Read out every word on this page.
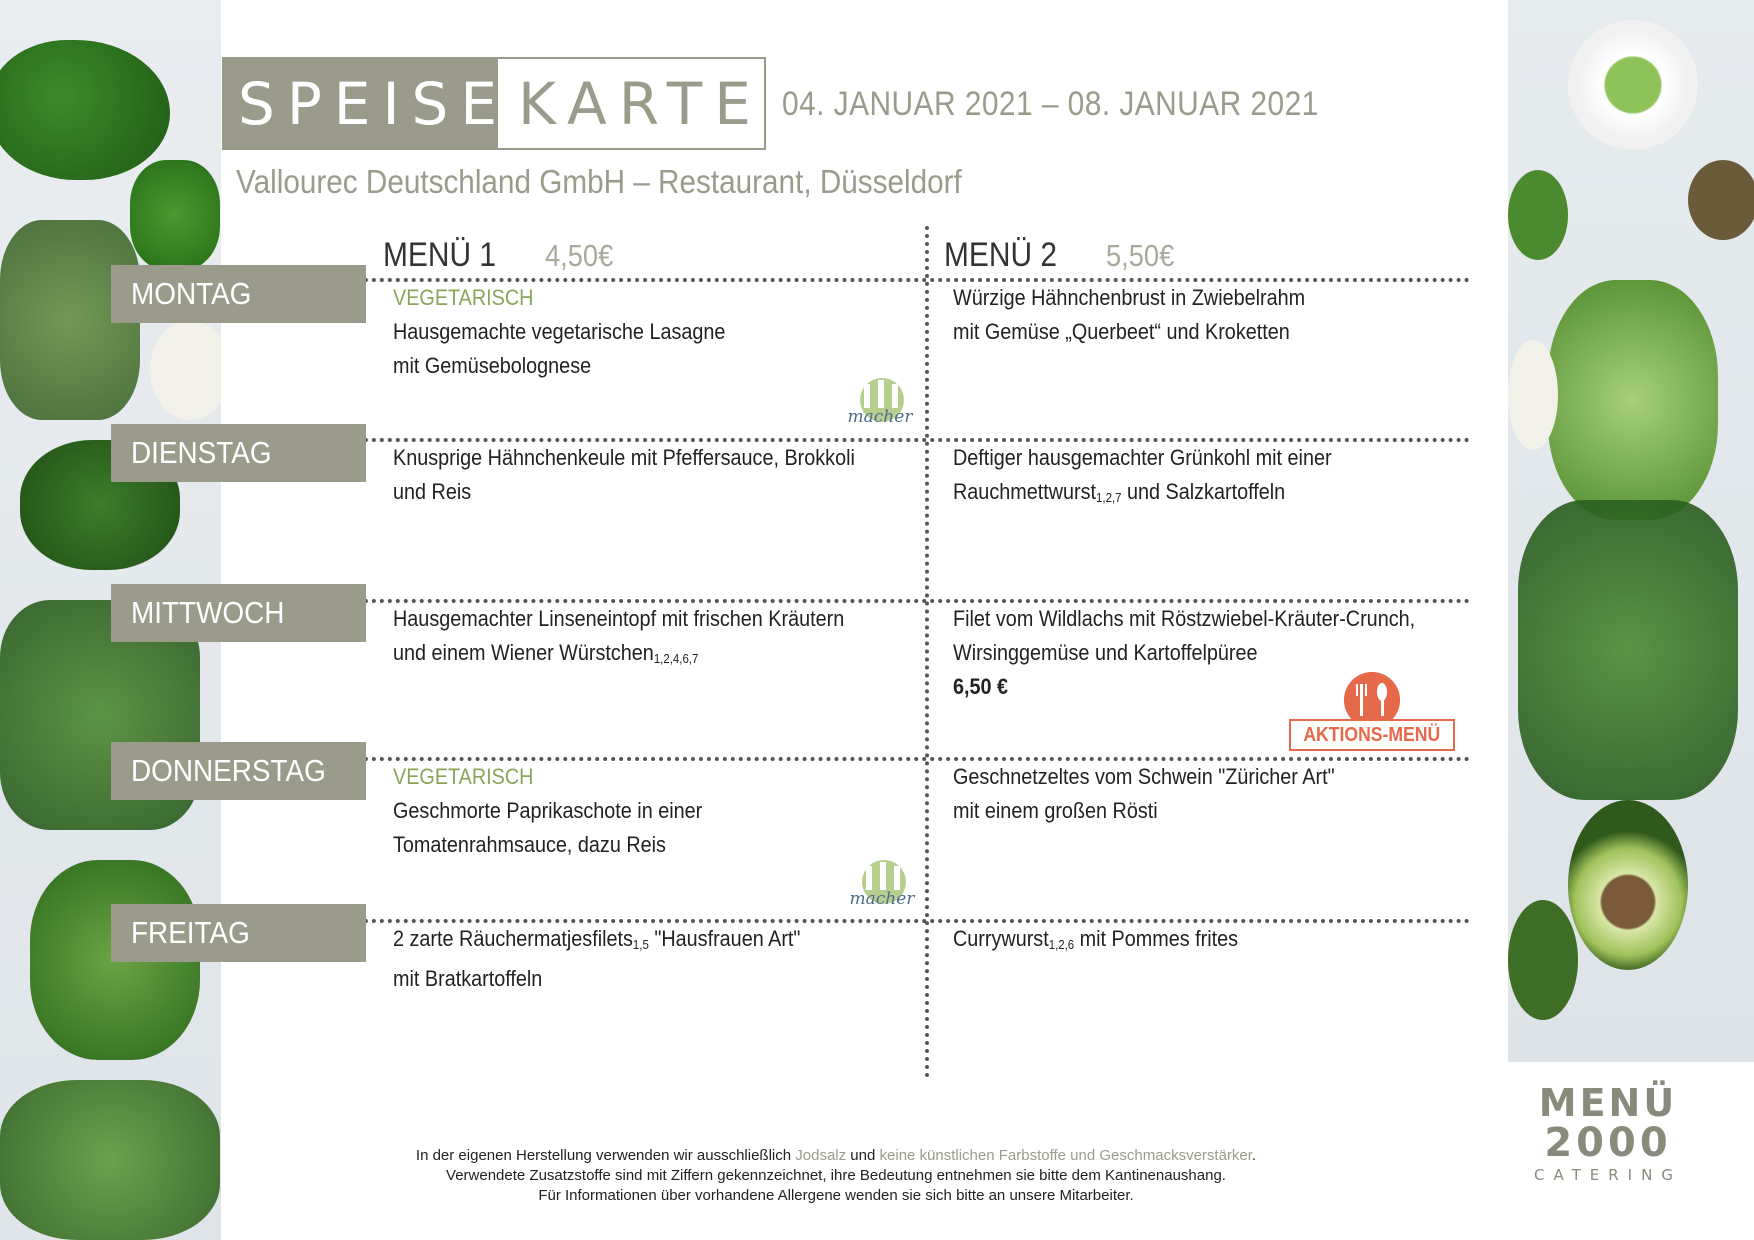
SPEISE KARTE 04. JANUAR 2021 – 08. JANUAR 2021
Vallourec Deutschland GmbH – Restaurant, Düsseldorf
MENÜ 1 4,50€	MENÜ 2 5,50€
MONTAG
DIENSTAG
MITTWOCH
DONNERSTAG
FREITAG
VEGETARISCH
Hausgemachte vegetarische Lasagne
mit Gemüsebolognese
Würzige Hähnchenbrust in Zwiebelrahm
mit Gemüse „Querbeet“ und Kroketten
macher
Knusprige Hähnchenkeule mit Pfeffersauce, Brokkoli
und Reis
Deftiger hausgemachter Grünkohl mit einer
Rauchmettwurst$_{1,2,7}$ und Salzkartoffeln
Hausgemachter Linseneintopf mit frischen Kräutern
und einem Wiener Würstchen$_{1,2,4,6,7}$
Filet vom Wildlachs mit Röstzwiebel-Kräuter-Crunch,
Wirsinggemüse und Kartoffelpüree
6,50 €
AKTIONS-MENÜ
VEGETARISCH
Geschmorte Paprikaschote in einer
Tomatenrahmsauce, dazu Reis
Geschnetzeltes vom Schwein "Züricher Art"
mit einem großen Rösti
macher
2 zarte Räuchermatjesfilets$_{1,5}$ "Hausfrauen Art"
mit Bratkartoffeln
Currywurst$_{1,2,6}$ mit Pommes frites
In der eigenen Herstellung verwenden wir ausschließlich Jodsalz und keine künstlichen Farbstoffe und Geschmacksverstärker.
Verwendete Zusatzstoffe sind mit Ziffern gekennzeichnet, ihre Bedeutung entnehmen sie bitte dem Kantinenaushang.
Für Informationen über vorhandene Allergene wenden sie sich bitte an unsere Mitarbeiter.
MENÜ
2000
CATERING
